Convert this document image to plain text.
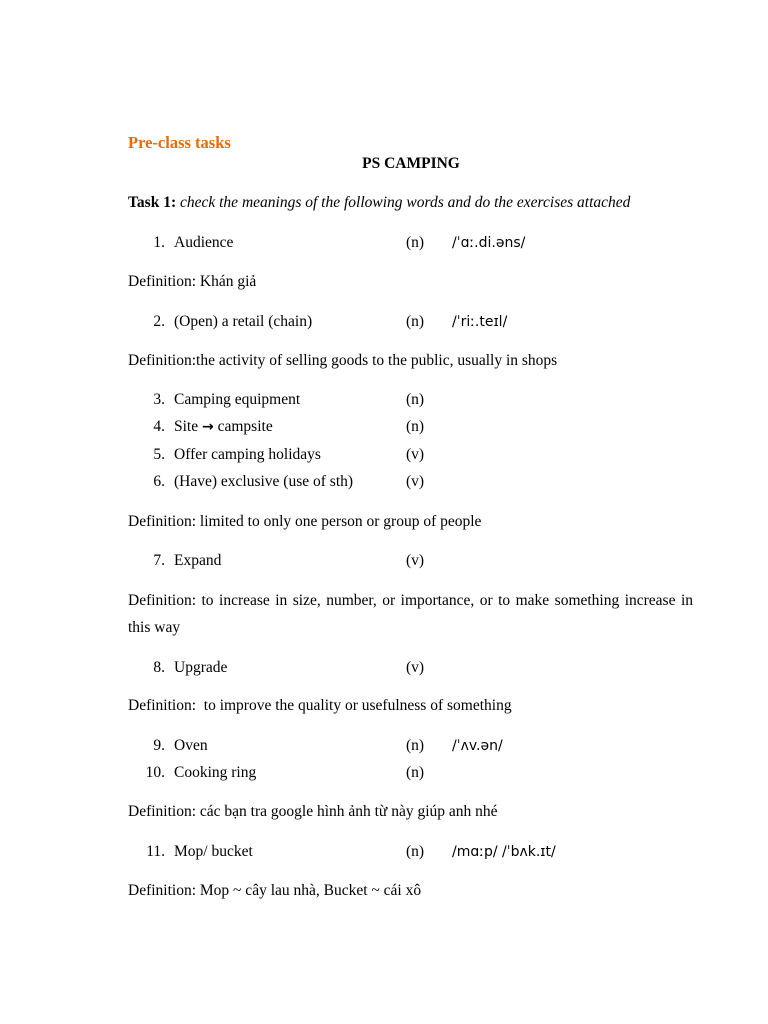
Pre-class tasks
PS CAMPING
Task 1: check the meanings of the following words and do the exercises attached
1. Audience	(n) /ˈɑː.di.əns/
Definition: Khán giả
2. (Open) a retail (chain)	(n) /ˈriː.teɪl/
Definition:the activity of selling goods to the public, usually in shops
3. Camping equipment	(n)
4. Site → campsite	(n)
5. Offer camping holidays	(v)
6. (Have) exclusive (use of sth)	(v)
Definition: limited to only one person or group of people
7. Expand	(v)
Definition: to increase in size, number, or importance, or to make something increase in this way
8. Upgrade	(v)
Definition:  to improve the quality or usefulness of something
9. Oven	(n) /ˈʌv.ən/
10. Cooking ring	(n)
Definition: các bạn tra google hình ảnh từ này giúp anh nhé
11. Mop/ bucket	(n) /mɑːp/ /ˈbʌk.ɪt/
Definition: Mop ~ cây lau nhà, Bucket ~ cái xô
